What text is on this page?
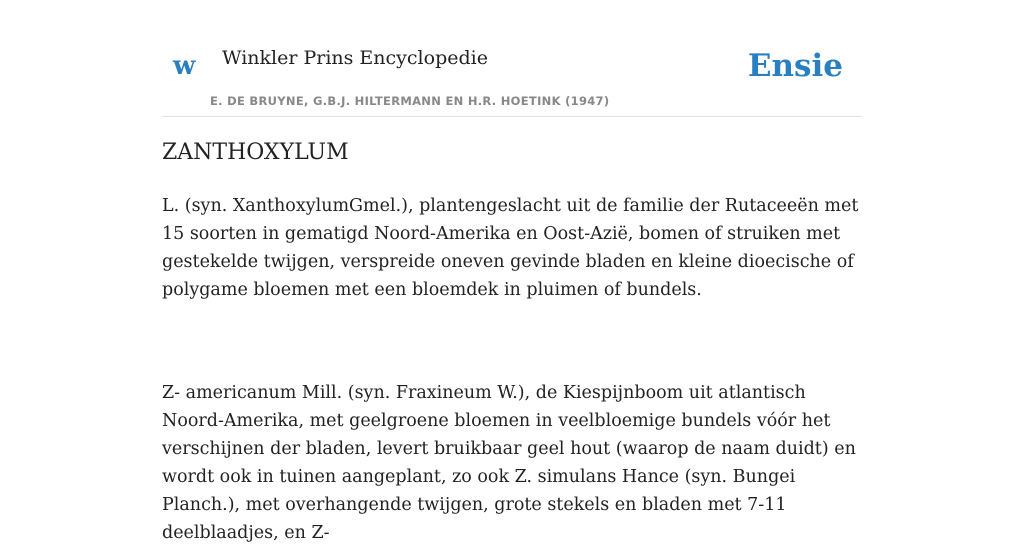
w Winkler Prins Encyclopedie
E. DE BRUYNE, G.B.J. HILTERMANN EN H.R. HOETINK (1947)
Ensie
ZANTHOXYLUM

L. (syn. XanthoxylumGmel.), plantengeslacht uit de familie der Rutaceeën met 15 soorten in gematigd Noord-Amerika en Oost-Azië, bomen of struiken met gestekelde twijgen, verspreide oneven gevinde bladen en kleine dioecische of polygame bloemen met een bloemdek in pluimen of bundels.

Z- americanum Mill. (syn. Fraxineum W.), de Kiespijnboom uit atlantisch Noord-Amerika, met geelgroene bloemen in veelbloemige bundels vóór het verschijnen der bladen, levert bruikbaar geel hout (waarop de naam duidt) en wordt ook in tuinen aangeplant, zo ook Z. simulans Hance (syn. Bungei Planch.), met overhangende twijgen, grote stekels en bladen met 7-11 deelblaadjes, en Z-
